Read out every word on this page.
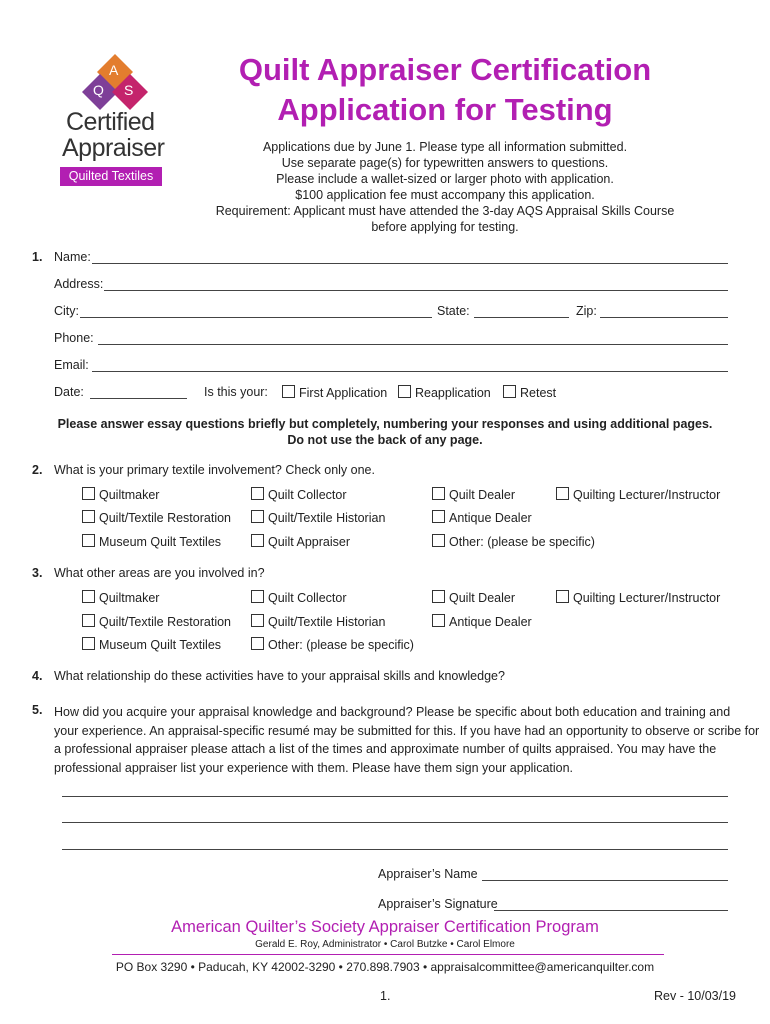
A
Q S
Certified
Appraiser
Quilted Textiles
Quilt Appraiser Certification
Application for Testing
Applications due by June 1. Please type all information submitted.
Use separate page(s) for typewritten answers to questions.
Please include a wallet-sized or larger photo with application.
$100 application fee must accompany this application.
Requirement: Applicant must have attended the 3-day AQS Appraisal Skills Course
before applying for testing.
1. Name:
Address:
City:	State:	Zip:
Phone:
Email:
Date:	Is this your:	First Application	Reapplication	Retest
Please answer essay questions briefly but completely, numbering your responses and using additional pages.
Do not use the back of any page.
2. What is your primary textile involvement? Check only one.
Quiltmaker	Quilt Collector	Quilt Dealer	Quilting Lecturer/Instructor
Quilt/Textile Restoration	Quilt/Textile Historian	Antique Dealer
Museum Quilt Textiles	Quilt Appraiser	Other: (please be specific)
3. What other areas are you involved in?
Quiltmaker	Quilt Collector	Quilt Dealer	Quilting Lecturer/Instructor
Quilt/Textile Restoration	Quilt/Textile Historian	Antique Dealer
Museum Quilt Textiles	Other: (please be specific)
4. What relationship do these activities have to your appraisal skills and knowledge?
5. How did you acquire your appraisal knowledge and background? Please be specific about both education and training and
your experience. An appraisal-specific resumé may be submitted for this. If you have had an opportunity to observe or scribe for
a professional appraiser please attach a list of the times and approximate number of quilts appraised. You may have the
professional appraiser list your experience with them. Please have them sign your application.
Appraiser’s Name
Appraiser’s Signature
American Quilter’s Society Appraiser Certification Program
Gerald E. Roy, Administrator • Carol Butzke • Carol Elmore
PO Box 3290 • Paducah, KY 42002-3290 • 270.898.7903 • appraisalcommittee@americanquilter.com
1.	Rev - 10/03/19
